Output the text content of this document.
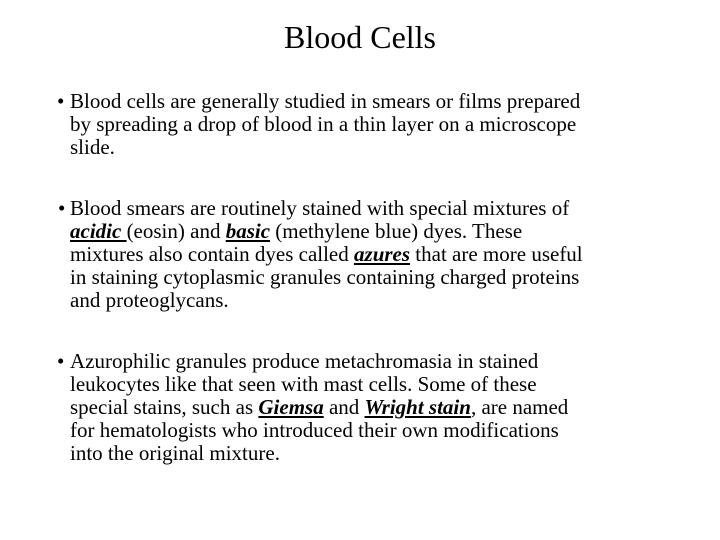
Blood Cells
• Blood cells are generally studied in smears or films prepared
by spreading a drop of blood in a thin layer on a microscope
slide.
• Blood smears are routinely stained with special mixtures of
acidic (eosin) and basic (methylene blue) dyes. These
mixtures also contain dyes called azures that are more useful
in staining cytoplasmic granules containing charged proteins
and proteoglycans.
• Azurophilic granules produce metachromasia in stained
leukocytes like that seen with mast cells. Some of these
special stains, such as Giemsa and Wright stain, are named
for hematologists who introduced their own modifications
into the original mixture.
